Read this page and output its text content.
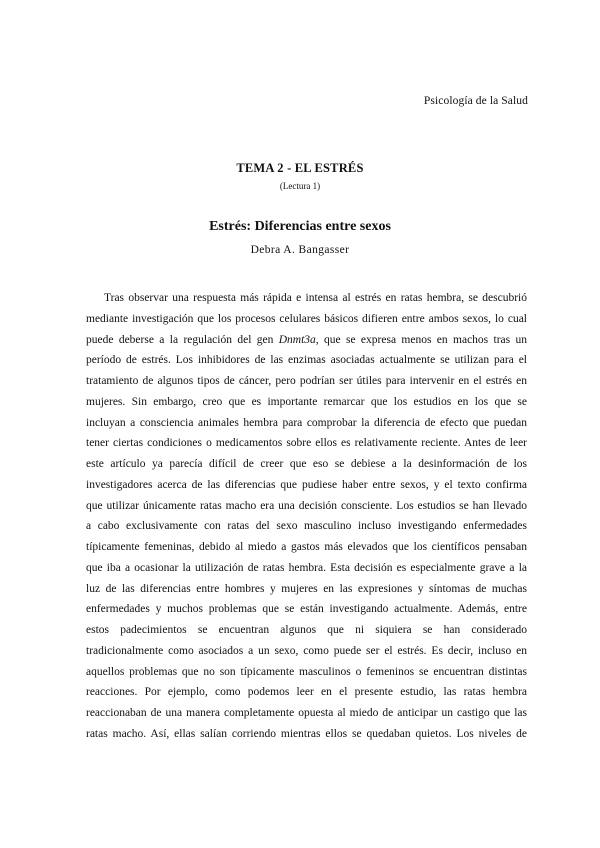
Psicología de la Salud
TEMA 2 - EL ESTRÉS
(Lectura 1)
Estrés: Diferencias entre sexos
Debra A. Bangasser
Tras observar una respuesta más rápida e intensa al estrés en ratas hembra, se descubrió
mediante investigación que los procesos celulares básicos difieren entre ambos sexos, lo cual
puede deberse a la regulación del gen Dnmt3a, que se expresa menos en machos tras un
período de estrés. Los inhibidores de las enzimas asociadas actualmente se utilizan para el
tratamiento de algunos tipos de cáncer, pero podrían ser útiles para intervenir en el estrés en
mujeres. Sin embargo, creo que es importante remarcar que los estudios en los que se
incluyan a consciencia animales hembra para comprobar la diferencia de efecto que puedan
tener ciertas condiciones o medicamentos sobre ellos es relativamente reciente. Antes de leer
este artículo ya parecía difícil de creer que eso se debiese a la desinformación de los
investigadores acerca de las diferencias que pudiese haber entre sexos, y el texto confirma
que utilizar únicamente ratas macho era una decisión consciente. Los estudios se han llevado
a cabo exclusivamente con ratas del sexo masculino incluso investigando enfermedades
típicamente femeninas, debido al miedo a gastos más elevados que los científicos pensaban
que iba a ocasionar la utilización de ratas hembra. Esta decisión es especialmente grave a la
luz de las diferencias entre hombres y mujeres en las expresiones y síntomas de muchas
enfermedades y muchos problemas que se están investigando actualmente. Además, entre
estos padecimientos se encuentran algunos que ni siquiera se han considerado
tradicionalmente como asociados a un sexo, como puede ser el estrés. Es decir, incluso en
aquellos problemas que no son típicamente masculinos o femeninos se encuentran distintas
reacciones. Por ejemplo, como podemos leer en el presente estudio, las ratas hembra
reaccionaban de una manera completamente opuesta al miedo de anticipar un castigo que las
ratas macho. Así, ellas salían corriendo mientras ellos se quedaban quietos. Los niveles de
